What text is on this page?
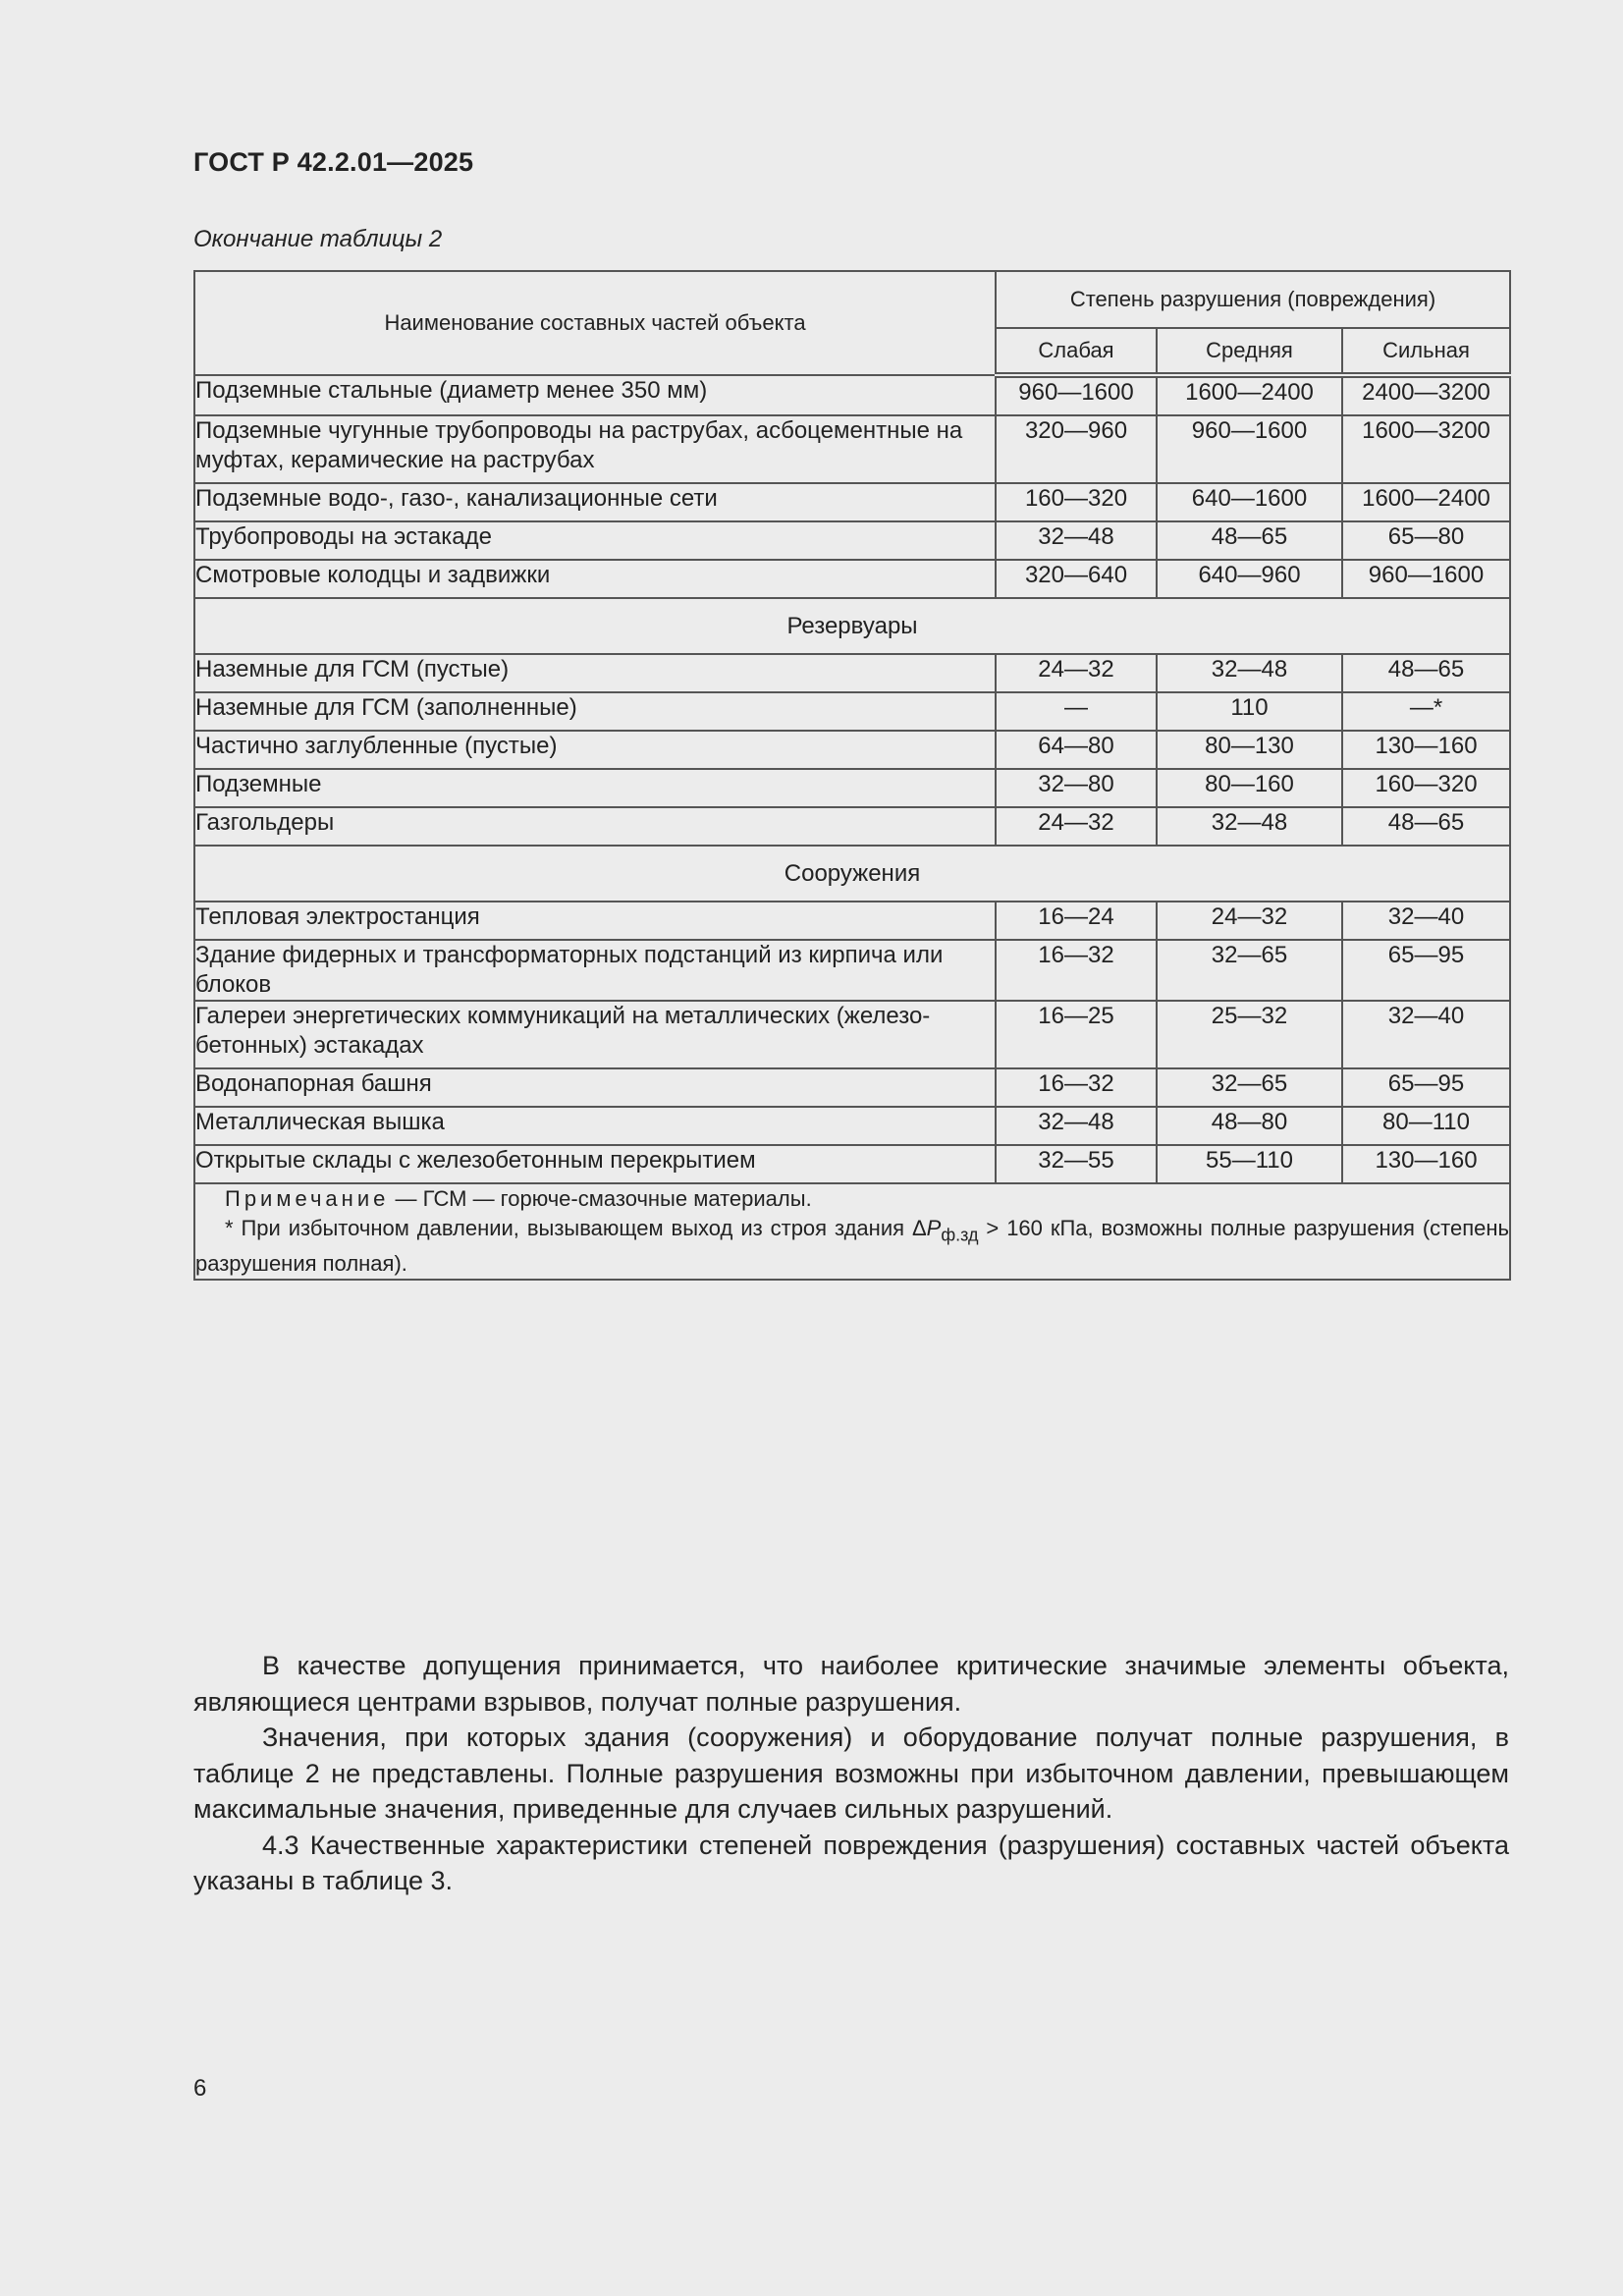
ГОСТ Р 42.2.01—2025
Окончание таблицы 2
Наименование составных частей объекта	Степень разрушения (повреждения)		
	Слабая	Средняя	Сильная
Подземные стальные (диаметр менее 350 мм)	960—1600	1600—2400	2400—3200
Подземные чугунные трубопроводы на раструбах, асбоцементные на муфтах, керамические на раструбах	320—960	960—1600	1600—3200
Подземные водо-, газо-, канализационные сети	160—320	640—1600	1600—2400
Трубопроводы на эстакаде	32—48	48—65	65—80
Смотровые колодцы и задвижки	320—640	640—960	960—1600
Резервуары			
Наземные для ГСМ (пустые)	24—32	32—48	48—65
Наземные для ГСМ (заполненные)	—	110	—*
Частично заглубленные (пустые)	64—80	80—130	130—160
Подземные	32—80	80—160	160—320
Газгольдеры	24—32	32—48	48—65
Сооружения			
Тепловая электростанция	16—24	24—32	32—40
Здание фидерных и трансформаторных подстанций из кирпича или блоков	16—32	32—65	65—95
Галереи энергетических коммуникаций на металлических (железо-бетонных) эстакадах	16—25	25—32	32—40
Водонапорная башня	16—32	32—65	65—95
Металлическая вышка	32—48	48—80	80—110
Открытые склады с железобетонным перекрытием	32—55	55—110	130—160

Примечание — ГСМ — горюче-смазочные материалы.
* При избыточном давлении, вызывающем выход из строя здания $\Delta P_{ф.зд} > 160$ кПа, возможны полные разрушения (степень разрушения полная).			

В качестве допущения принимается, что наиболее критические значимые элементы объекта, являющиеся центрами взрывов, получат полные разрушения.

Значения, при которых здания (сооружения) и оборудование получат полные разрушения, в таблице 2 не представлены. Полные разрушения возможны при избыточном давлении, превышающем максимальные значения, приведенные для случаев сильных разрушений.

4.3 Качественные характеристики степеней повреждения (разрушения) составных частей объекта указаны в таблице 3.

6
